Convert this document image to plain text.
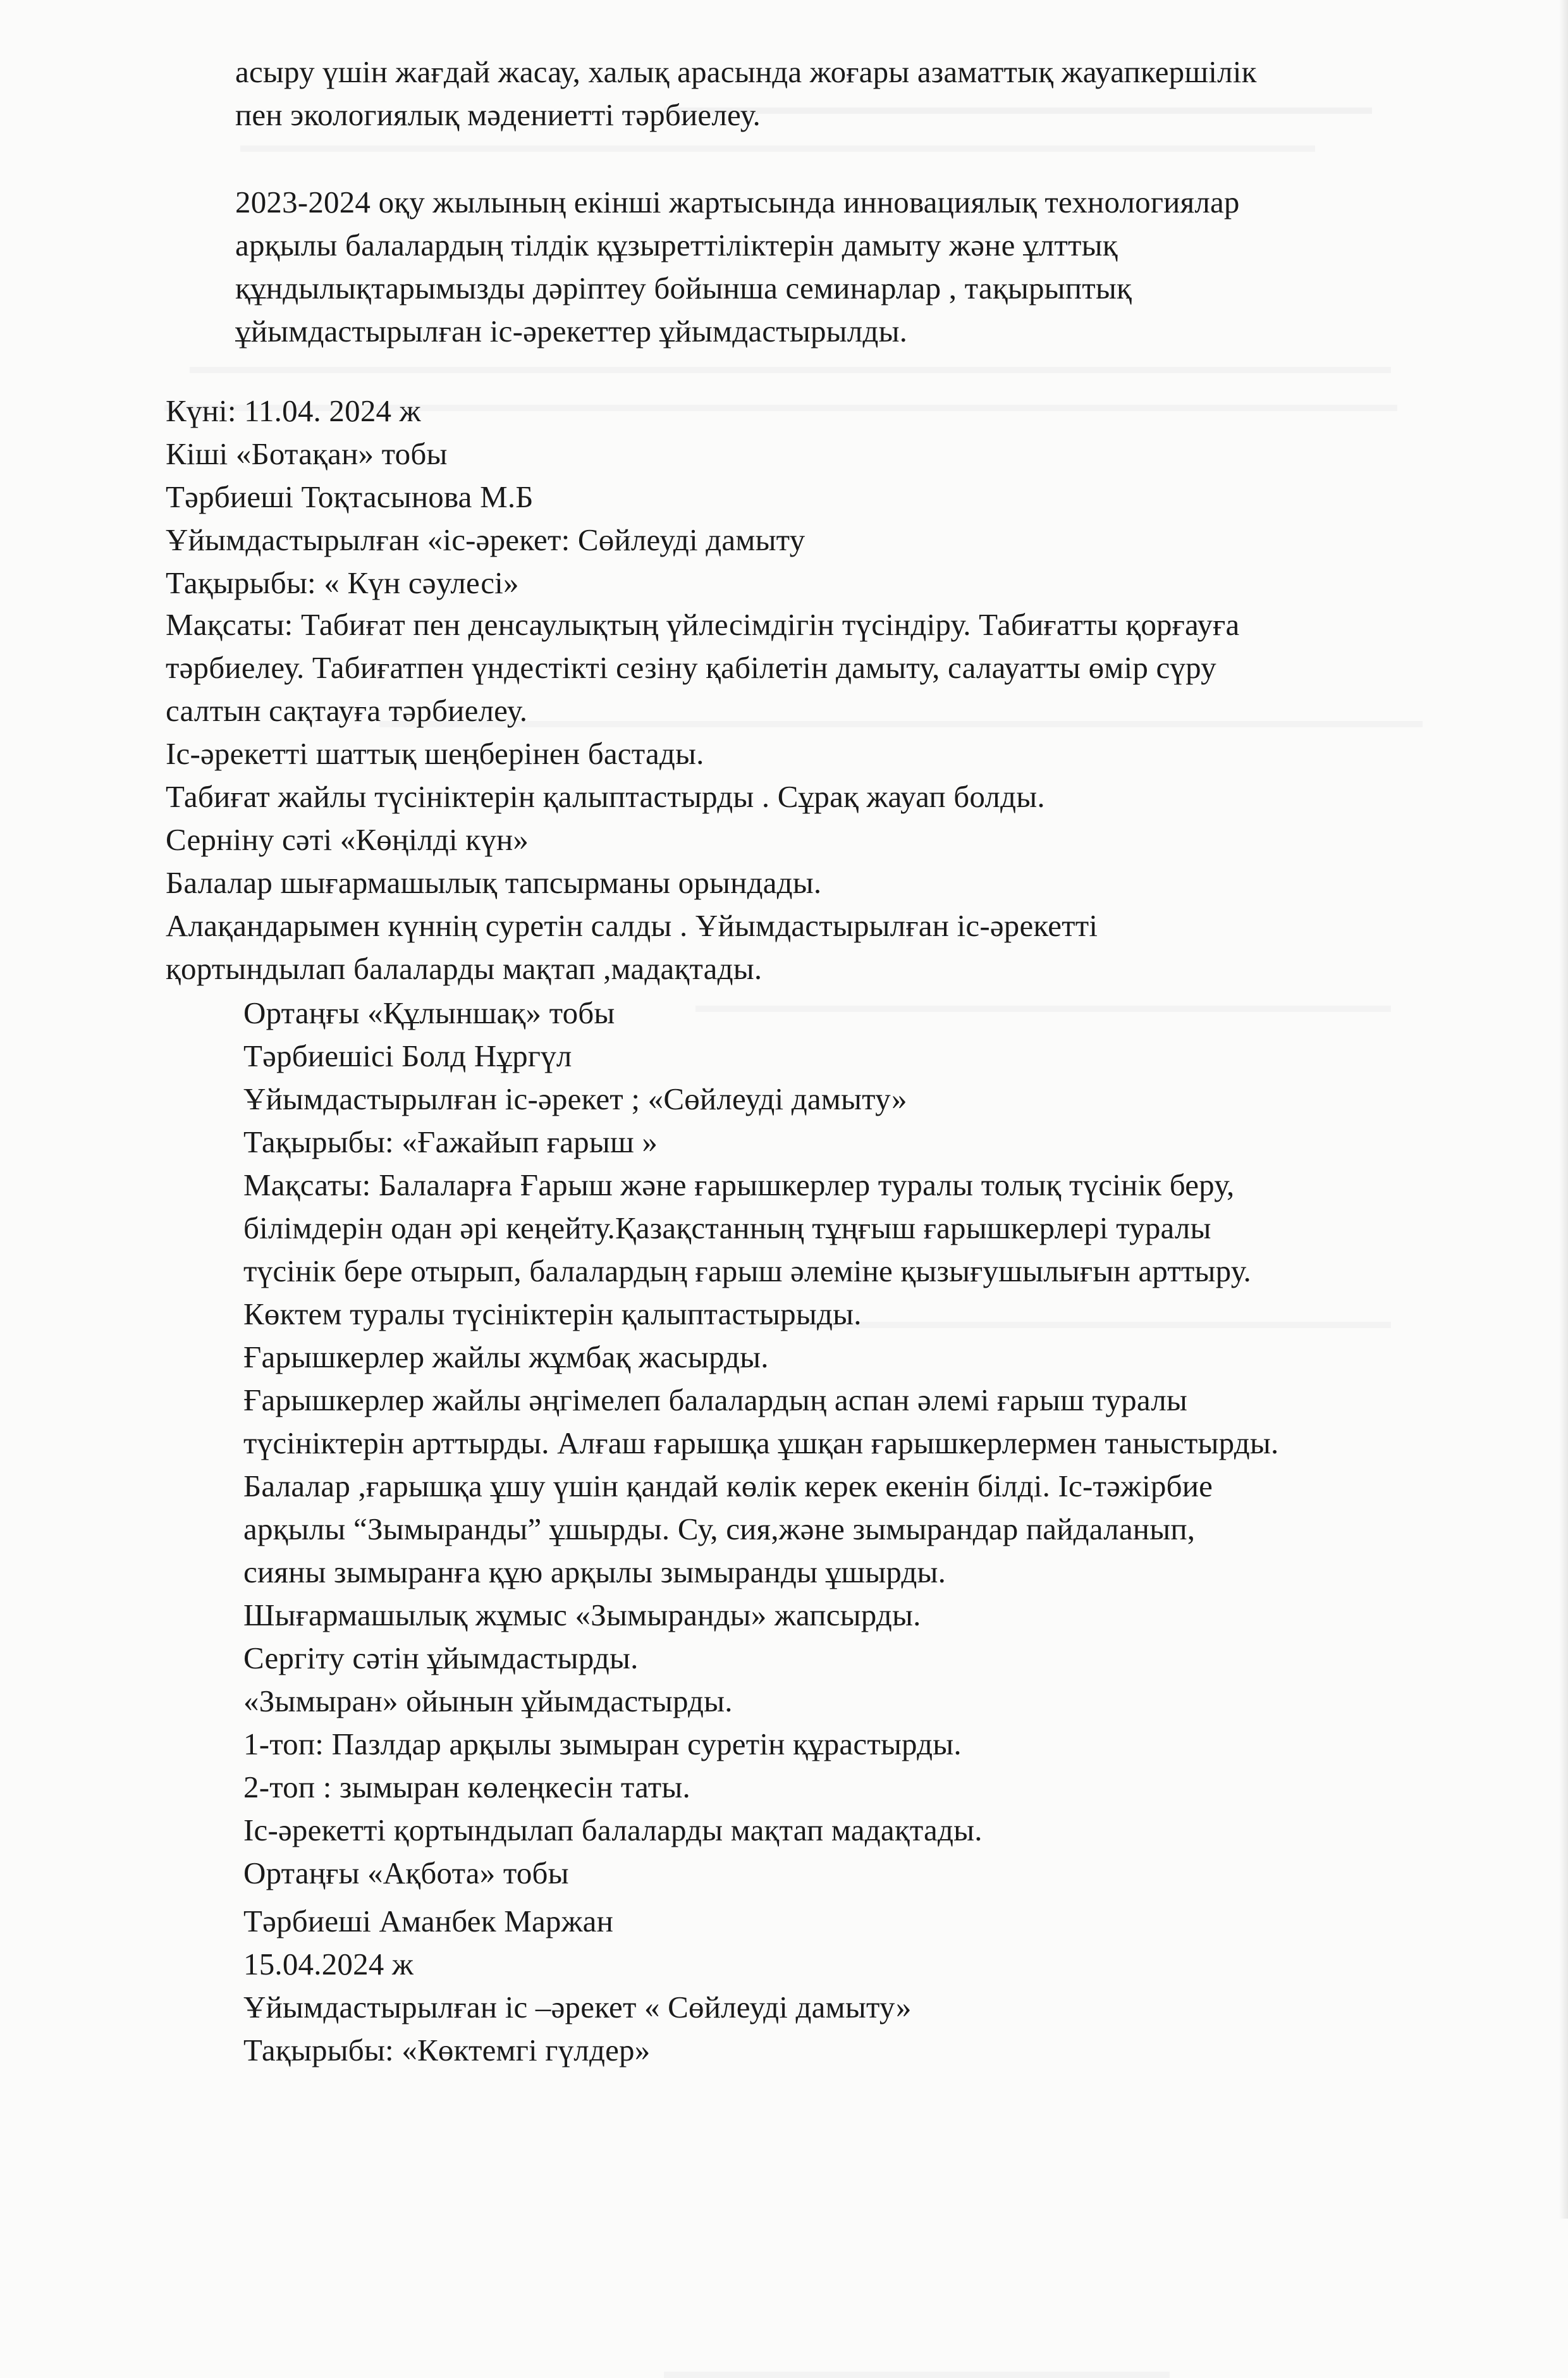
асыру үшін жағдай жасау, халық арасында жоғары азаматтық жауапкершілік
пен экологиялық мәдениетті тәрбиелеу.
2023-2024 оқу жылының екінші жартысында инновациялық технологиялар
арқылы балалардың тілдік құзыреттіліктерін дамыту және ұлттық
құндылықтарымызды дәріптеу бойынша семинарлар , тақырыптық
ұйымдастырылған іс-әрекеттер ұйымдастырылды.
Күні: 11.04. 2024 ж
Кіші «Ботақан» тобы
Тәрбиеші Тоқтасынова М.Б
Ұйымдастырылған «іс-әрекет: Сөйлеуді дамыту
Тақырыбы: « Күн сәулесі»
Мақсаты: Табиғат пен денсаулықтың үйлесімдігін түсіндіру. Табиғатты қорғауға
тәрбиелеу. Табиғатпен үндестікті сезіну қабілетін дамыту, салауатты өмір сүру
салтын сақтауға тәрбиелеу.
Іс-әрекетті шаттық шеңберінен бастады.
Табиғат жайлы түсініктерін қалыптастырды . Сұрақ жауап болды.
Серніну сәті «Көңілді күн»
Балалар шығармашылық тапсырманы орындады.
Алақандарымен күннің суретін салды . Ұйымдастырылған іс-әрекетті
қортындылап балаларды мақтап ,мадақтады.
Ортаңғы «Құлыншақ» тобы
Тәрбиешісі Болд Нұргүл
Ұйымдастырылған іс-әрекет ; «Сөйлеуді дамыту»
Тақырыбы: «Ғажайып ғарыш »
Мақсаты: Балаларға Ғарыш және ғарышкерлер туралы толық түсінік беру,
білімдерін одан әрі кеңейту.Қазақстанның тұңғыш ғарышкерлері туралы
түсінік бере отырып, балалардың ғарыш әлеміне қызығушылығын арттыру.
Көктем туралы түсініктерін қалыптастырыды.
Ғарышкерлер жайлы жұмбақ жасырды.
Ғарышкерлер жайлы әңгімелеп балалардың аспан әлемі ғарыш туралы
түсініктерін арттырды. Алғаш ғарышқа ұшқан ғарышкерлермен таныстырды.
Балалар ,ғарышқа ұшу үшін қандай көлік керек екенін білді. Іс-тәжірбие
арқылы “Зымыранды” ұшырды. Су, сия,және зымырандар пайдаланып,
сияны зымыранға құю арқылы зымыранды ұшырды.
Шығармашылық жұмыс «Зымыранды» жапсырды.
Сергіту сәтін ұйымдастырды.
«Зымыран» ойынын ұйымдастырды.
1-топ: Пазлдар арқылы зымыран суретін құрастырды.
2-топ : зымыран көлеңкесін таты.
Іс-әрекетті қортындылап балаларды мақтап мадақтады.
Ортаңғы «Ақбота» тобы
Тәрбиеші Аманбек Маржан
15.04.2024 ж
Ұйымдастырылған іс –әрекет « Сөйлеуді дамыту»
Тақырыбы: «Көктемгі гүлдер»
